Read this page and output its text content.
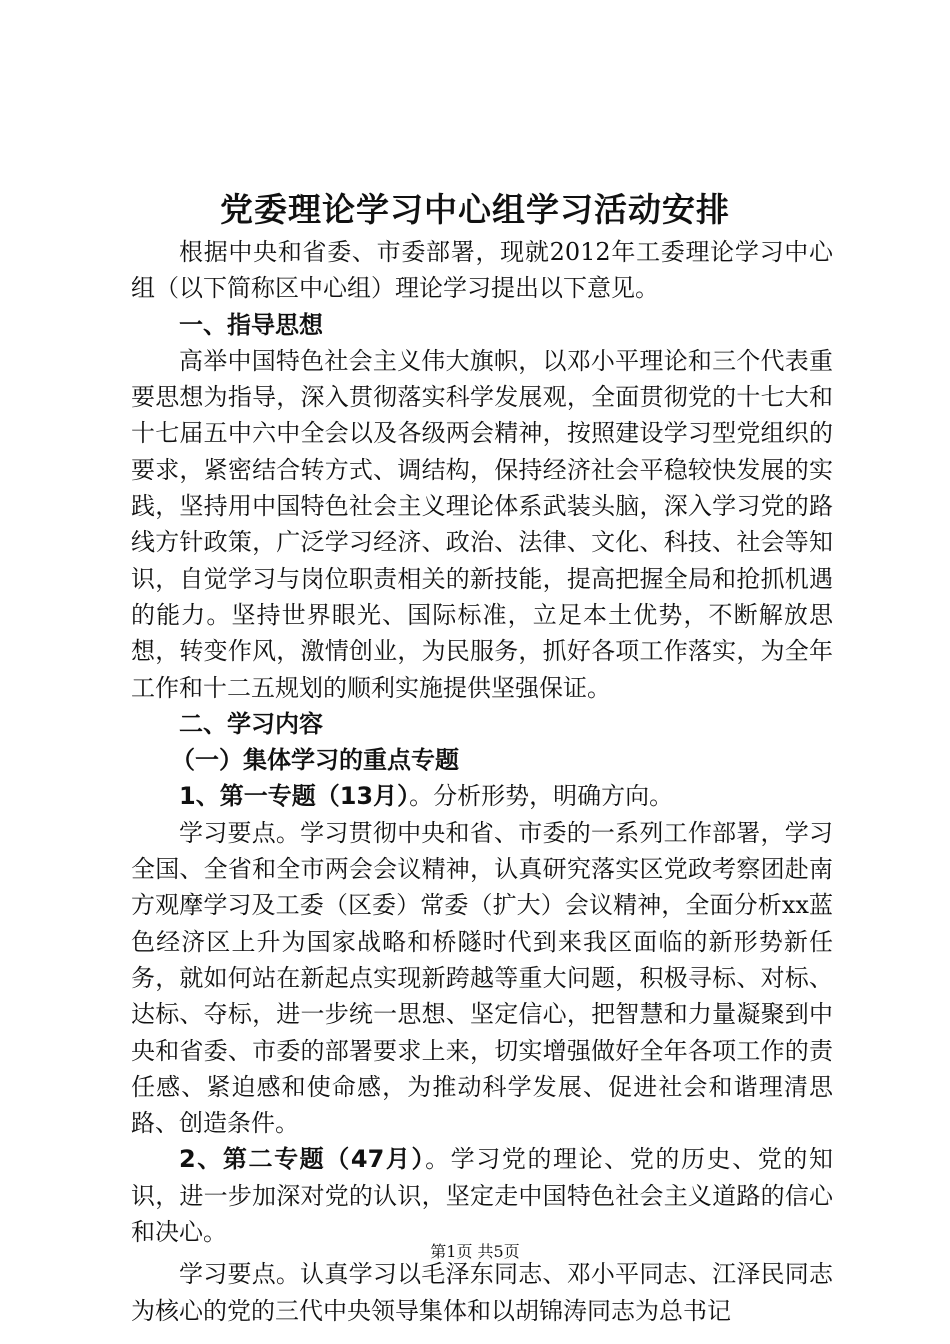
党委理论学习中心组学习活动安排

根据中央和省委、市委部署，现就2012年工委理论学习中心组（以下简称区中心组）理论学习提出以下意见。

一、指导思想

高举中国特色社会主义伟大旗帜，以邓小平理论和三个代表重要思想为指导，深入贯彻落实科学发展观，全面贯彻党的十七大和十七届五中六中全会以及各级两会精神，按照建设学习型党组织的要求，紧密结合转方式、调结构，保持经济社会平稳较快发展的实践，坚持用中国特色社会主义理论体系武装头脑，深入学习党的路线方针政策，广泛学习经济、政治、法律、文化、科技、社会等知识，自觉学习与岗位职责相关的新技能，提高把握全局和抢抓机遇的能力。坚持世界眼光、国际标准，立足本土优势，不断解放思想，转变作风，激情创业，为民服务，抓好各项工作落实，为全年工作和十二五规划的顺利实施提供坚强保证。

二、学习内容

（一）集体学习的重点专题

1、第一专题（13月）。分析形势，明确方向。

学习要点。学习贯彻中央和省、市委的一系列工作部署，学习全国、全省和全市两会会议精神，认真研究落实区党政考察团赴南方观摩学习及工委（区委）常委（扩大）会议精神，全面分析xx蓝色经济区上升为国家战略和桥隧时代到来我区面临的新形势新任务，就如何站在新起点实现新跨越等重大问题，积极寻标、对标、达标、夺标，进一步统一思想、坚定信心，把智慧和力量凝聚到中央和省委、市委的部署要求上来，切实增强做好全年各项工作的责任感、紧迫感和使命感，为推动科学发展、促进社会和谐理清思路、创造条件。

2、第二专题（47月）。学习党的理论、党的历史、党的知识，进一步加深对党的认识，坚定走中国特色社会主义道路的信心和决心。

学习要点。认真学习以毛泽东同志、邓小平同志、江泽民同志为核心的党的三代中央领导集体和以胡锦涛同志为总书记

第1页 共5页
